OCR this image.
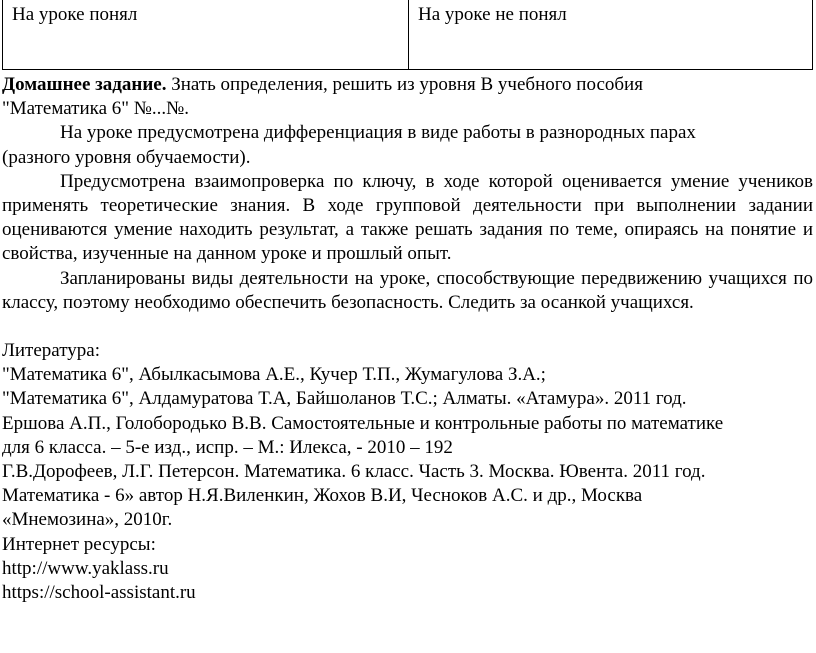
На уроке понял	На уроке не понял

Домашнее задание. Знать определения, решить из уровня В учебного пособия

"Математика 6" №...№.

На уроке предусмотрена дифференциация в виде работы в разнородных парах

(разного уровня обучаемости).

Предусмотрена взаимопроверка по ключу, в ходе которой оценивается умение учеников применять теоретические знания. В ходе групповой деятельности при выполнении задании оцениваются умение находить результат, а также решать задания по теме, опираясь на понятие и свойства, изученные на данном уроке и прошлый опыт.

Запланированы виды деятельности на уроке, способствующие передвижению учащихся по классу, поэтому необходимо обеспечить безопасность. Следить за осанкой учащихся.

Литература:

"Математика 6", Абылкасымова А.Е., Кучер Т.П., Жумагулова З.А.;

"Математика 6", Алдамуратова Т.А, Байшоланов Т.С.; Алматы. «Атамура». 2011 год.

Ершова А.П., Голобородько В.В. Самостоятельные и контрольные работы по математике

для 6 класса. – 5-е изд., испр. – М.: Илекса, - 2010 – 192

Г.В.Дорофеев, Л.Г. Петерсон. Математика. 6 класс. Часть 3. Москва. Ювента. 2011 год.

Математика - 6» автор Н.Я.Виленкин, Жохов В.И, Чесноков А.С. и др., Москва

«Мнемозина», 2010г.

Интернет ресурсы:

http://www.yaklass.ru

https://school-assistant.ru
